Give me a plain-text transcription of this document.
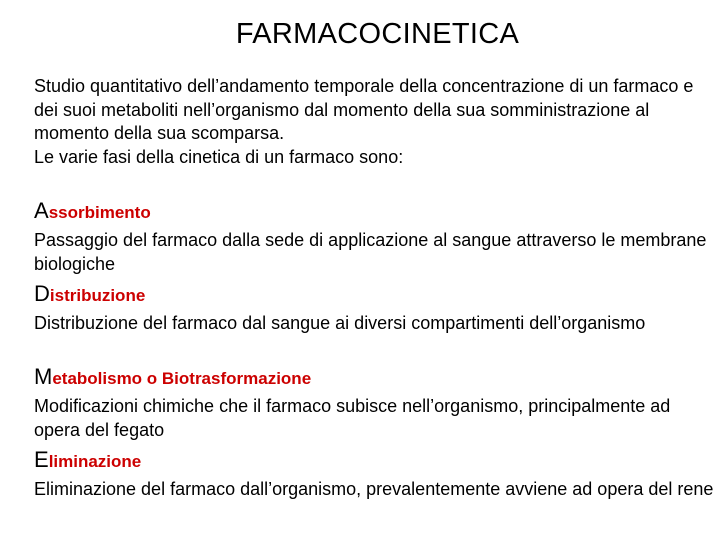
FARMACOCINETICA

Studio quantitativo dell’andamento temporale della concentrazione di un farmaco e dei suoi metaboliti nell’organismo dal momento della sua somministrazione al momento della sua scomparsa.

Le varie fasi della cinetica di un farmaco sono:

Assorbimento
Passaggio del farmaco dalla sede di applicazione al sangue attraverso le membrane biologiche
Distribuzione
Distribuzione del farmaco dal sangue ai diversi compartimenti dell’organismo
Metabolismo o Biotrasformazione
Modificazioni chimiche che il farmaco subisce nell’organismo, principalmente ad opera del fegato
Eliminazione
Eliminazione del farmaco dall’organismo, prevalentemente avviene ad opera del rene
